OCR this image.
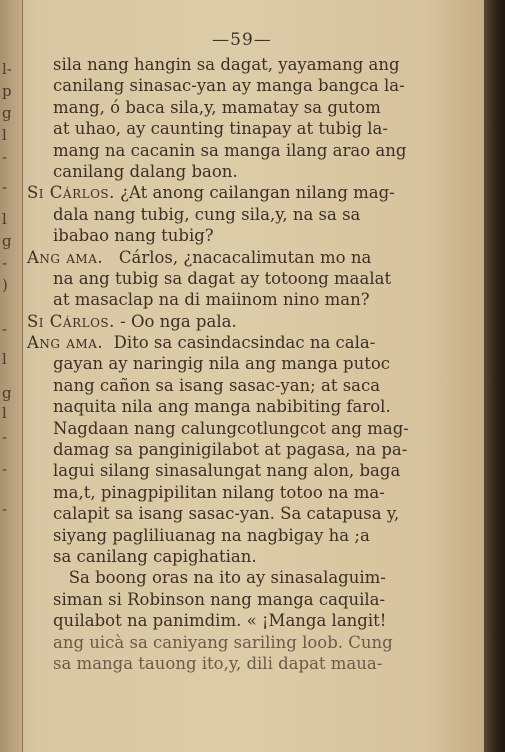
l-
p
g
l
-
-
l
g
-
)
-
l
g
l
-
-
-
—59—
sila nang hangin sa dagat, yayamang ang
canilang sinasac-yan ay manga bangca la-
mang, ó baca sila,y, mamatay sa gutom
at uhao, ay caunting tinapay at tubig la-
mang na cacanin sa manga ilang arao ang
canilang dalang baon.
Si Cárlos. ¿At anong cailangan nilang mag-
dala nang tubig, cung sila,y, na sa sa
ibabao nang tubig?
Ang ama.   Cárlos, ¿nacacalimutan mo na
na ang tubig sa dagat ay totoong maalat
at masaclap na di maiinom nino man?
Si Cárlos. - Oo nga pala.
Ang ama.  Dito sa casindacsindac na cala-
gayan ay naringig nila ang manga putoc
nang cañon sa isang sasac-yan; at saca
naquita nila ang manga nabibiting farol.
Nagdaan nang calungcotlungcot ang mag-
damag sa panginigilabot at pagasa, na pa-
lagui silang sinasalungat nang alon, baga
ma,t, pinagpipilitan nilang totoo na ma-
calapit sa isang sasac-yan. Sa catapusa y,
siyang pagliliuanag na nagbigay ha ;a
sa canilang capighatian.
Sa boong oras na ito ay sinasalaguim-
siman si Robinson nang manga caquila-
quilabot na panimdim. « ¡Manga langit!
ang uicà sa caniyang sariling loob. Cung
sa manga tauong ito,y, dili dapat maua-
